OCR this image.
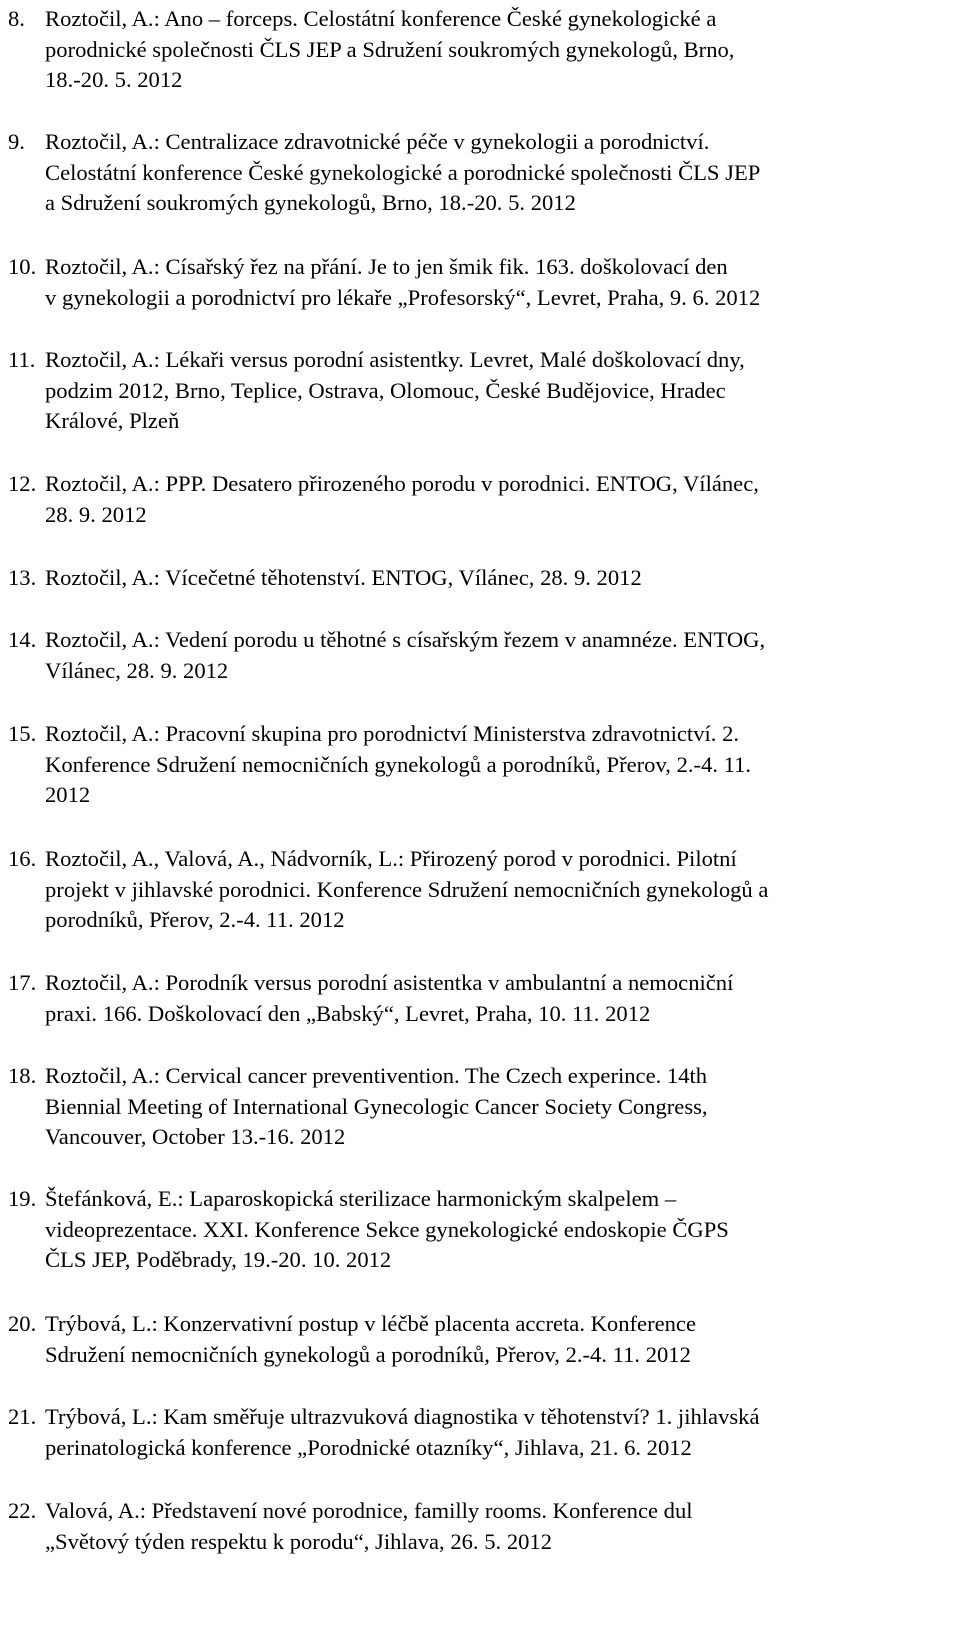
8. Roztočil, A.: Ano – forceps. Celostátní konference České gynekologické a
porodnické společnosti ČLS JEP a Sdružení soukromých gynekologů, Brno,
18.-20. 5. 2012
9. Roztočil, A.: Centralizace zdravotnické péče v gynekologii a porodnictví.
Celostátní konference České gynekologické a porodnické společnosti ČLS JEP
a Sdružení soukromých gynekologů, Brno, 18.-20. 5. 2012
10. Roztočil, A.: Císařský řez na přání. Je to jen šmik fik. 163. doškolovací den
v gynekologii a porodnictví pro lékaře „Profesorský“, Levret, Praha, 9. 6. 2012
11. Roztočil, A.: Lékaři versus porodní asistentky. Levret, Malé doškolovací dny,
podzim 2012, Brno, Teplice, Ostrava, Olomouc, České Budějovice, Hradec
Králové, Plzeň
12. Roztočil, A.: PPP. Desatero přirozeného porodu v porodnici. ENTOG, Vílánec,
28. 9. 2012
13. Roztočil, A.: Vícečetné těhotenství. ENTOG, Vílánec, 28. 9. 2012
14. Roztočil, A.: Vedení porodu u těhotné s císařským řezem v anamnéze. ENTOG,
Vílánec, 28. 9. 2012
15. Roztočil, A.: Pracovní skupina pro porodnictví Ministerstva zdravotnictví. 2.
Konference Sdružení nemocničních gynekologů a porodníků, Přerov, 2.-4. 11.
2012
16. Roztočil, A., Valová, A., Nádvorník, L.: Přirozený porod v porodnici. Pilotní
projekt v jihlavské porodnici. Konference Sdružení nemocničních gynekologů a
porodníků, Přerov, 2.-4. 11. 2012
17. Roztočil, A.: Porodník versus porodní asistentka v ambulantní a nemocniční
praxi. 166. Doškolovací den „Babský“, Levret, Praha, 10. 11. 2012
18. Roztočil, A.: Cervical cancer preventivention. The Czech experince. 14th
Biennial Meeting of International Gynecologic Cancer Society Congress,
Vancouver, October 13.-16. 2012
19. Štefánková, E.: Laparoskopická sterilizace harmonickým skalpelem –
videoprezentace. XXI. Konference Sekce gynekologické endoskopie ČGPS
ČLS JEP, Poděbrady, 19.-20. 10. 2012
20. Trýbová, L.: Konzervativní postup v léčbě placenta accreta. Konference
Sdružení nemocničních gynekologů a porodníků, Přerov, 2.-4. 11. 2012
21. Trýbová, L.: Kam směřuje ultrazvuková diagnostika v těhotenství? 1. jihlavská
perinatologická konference „Porodnické otazníky“, Jihlava, 21. 6. 2012
22. Valová, A.: Představení nové porodnice, familly rooms. Konference dul
„Světový týden respektu k porodu“, Jihlava, 26. 5. 2012
